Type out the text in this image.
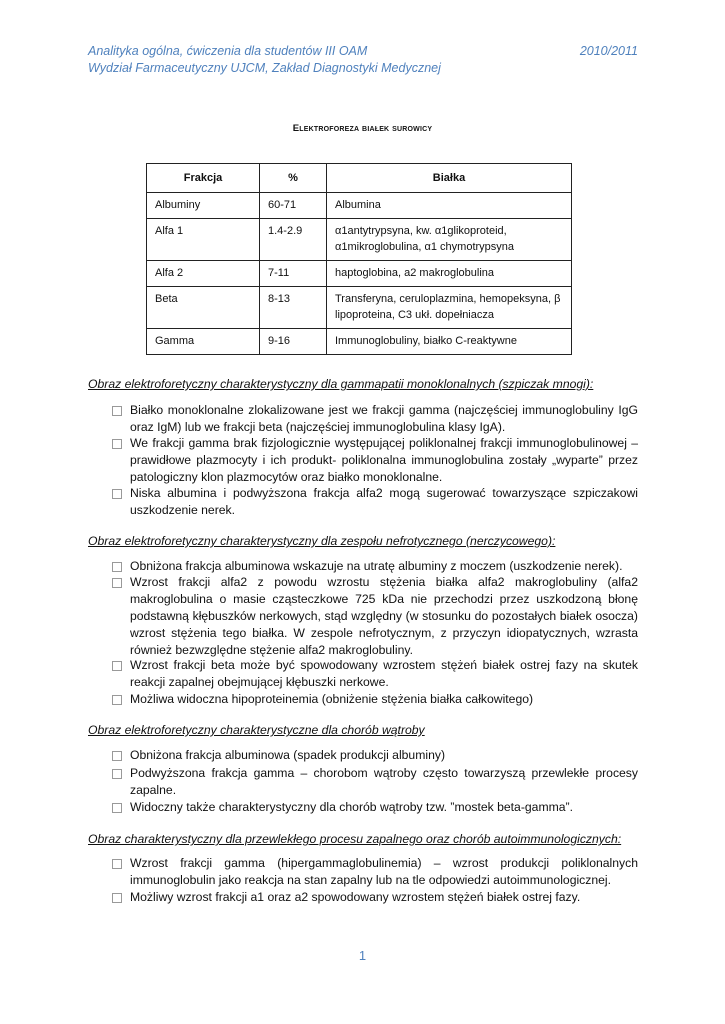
Analityka ogólna, ćwiczenia dla studentów III OAM	2010/2011
Wydział Farmaceutyczny UJCM, Zakład Diagnostyki Medycznej
Elektroforeza białek surowicy
Frakcja	%	Białka
Albuminy	60-71	Albumina
Alfa 1	1.4-2.9	α1antytrypsyna, kw. α1glikoproteid, α1mikroglobulina, α1 chymotrypsyna
Alfa 2	7-11	haptoglobina, a2 makroglobulina
Beta	8-13	Transferyna, ceruloplazmina, hemopeksyna, β lipoproteina, C3 ukł. dopełniacza
Gamma	9-16	Immunoglobuliny, białko C-reaktywne
Obraz elektroforetyczny charakterystyczny dla gammapatii monoklonalnych (szpiczak mnogi):
Białko monoklonalne zlokalizowane jest we frakcji gamma (najczęściej immunoglobuliny IgG oraz IgM) lub we frakcji beta (najczęściej immunoglobulina klasy IgA).
We frakcji gamma brak fizjologicznie występującej poliklonalnej frakcji immunoglobulinowej – prawidłowe plazmocyty i ich produkt- poliklonalna immunoglobulina zostały „wyparte” przez patologiczny klon plazmocytów oraz białko monoklonalne.
Niska albumina i podwyższona frakcja alfa2 mogą sugerować towarzyszące szpiczakowi uszkodzenie nerek.
Obraz elektroforetyczny charakterystyczny dla zespołu nefrotycznego (nerczycowego):
Obniżona frakcja albuminowa wskazuje na utratę albuminy z moczem (uszkodzenie nerek).
Wzrost frakcji alfa2 z powodu wzrostu stężenia białka alfa2 makroglobuliny (alfa2 makroglobulina o masie cząsteczkowe 725 kDa nie przechodzi przez uszkodzoną błonę podstawną kłębuszków nerkowych, stąd względny (w stosunku do pozostałych białek osocza) wzrost stężenia tego białka. W zespole nefrotycznym, z przyczyn idiopatycznych, wzrasta również bezwzględne stężenie alfa2 makroglobuliny.
Wzrost frakcji beta może być spowodowany wzrostem stężeń białek ostrej fazy na skutek reakcji zapalnej obejmującej kłębuszki nerkowe.
Możliwa widoczna hipoproteinemia (obniżenie stężenia białka całkowitego)
Obraz elektroforetyczny charakterystyczne dla chorób wątroby
Obniżona frakcja albuminowa (spadek produkcji albuminy)
Podwyższona frakcja gamma – chorobom wątroby często towarzyszą przewlekłe procesy zapalne.
Widoczny także charakterystyczny dla chorób wątroby tzw. ”mostek beta-gamma”.
Obraz charakterystyczny dla przewlekłego procesu zapalnego oraz chorób autoimmunologicznych:
Wzrost frakcji gamma (hipergammaglobulinemia) – wzrost produkcji poliklonalnych immunoglobulin jako reakcja na stan zapalny lub na tle odpowiedzi autoimmunologicznej.
Możliwy wzrost frakcji a1 oraz a2 spowodowany wzrostem stężeń białek ostrej fazy.
1
